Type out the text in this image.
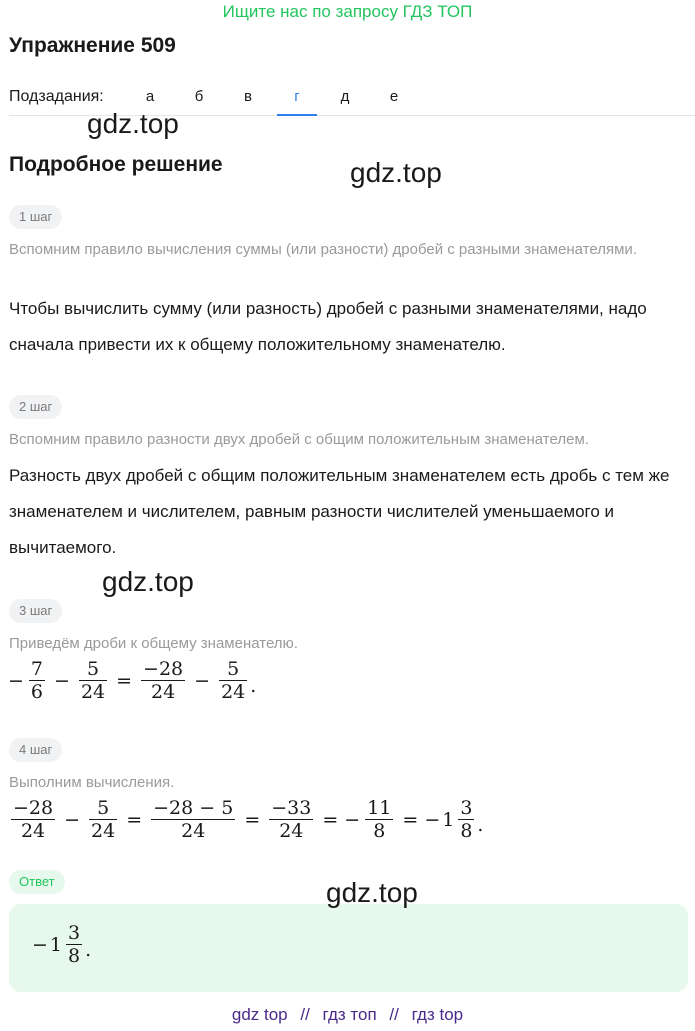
Ищите нас по запросу ГДЗ ТОП
Упражнение 509
Подзадания:	а	б	в	г	д	е
gdz.top
Подробное решение	gdz.top
1 шаг
Вспомним правило вычисления суммы (или разности) дробей с разными знаменателями.
Чтобы вычислить сумму (или разность) дробей с разными знаменателями, надо сначала привести их к общему положительному знаменателю.
2 шаг
Вспомним правило разности двух дробей с общим положительным знаменателем.
Разность двух дробей с общим положительным знаменателем есть дробь с тем же знаменателем и числителем, равным разности числителей уменьшаемого и вычитаемого.
gdz.top
3 шаг
Приведём дроби к общему знаменателю.
− $\frac{7}{6} - \frac{5}{24} = \frac{-28}{24} - \frac{5}{24}$ .
4 шаг
Выполним вычисления.
$\frac{-28}{24} - \frac{5}{24} = \frac{-28 - 5}{24} = \frac{-33}{24}$ = − $\frac{11}{8}$ = − $1 \frac{3}{8}$ .
Ответ
− $1 \frac{3}{8}$ .
gdz.top
gdz top // гдз топ // гдз top
